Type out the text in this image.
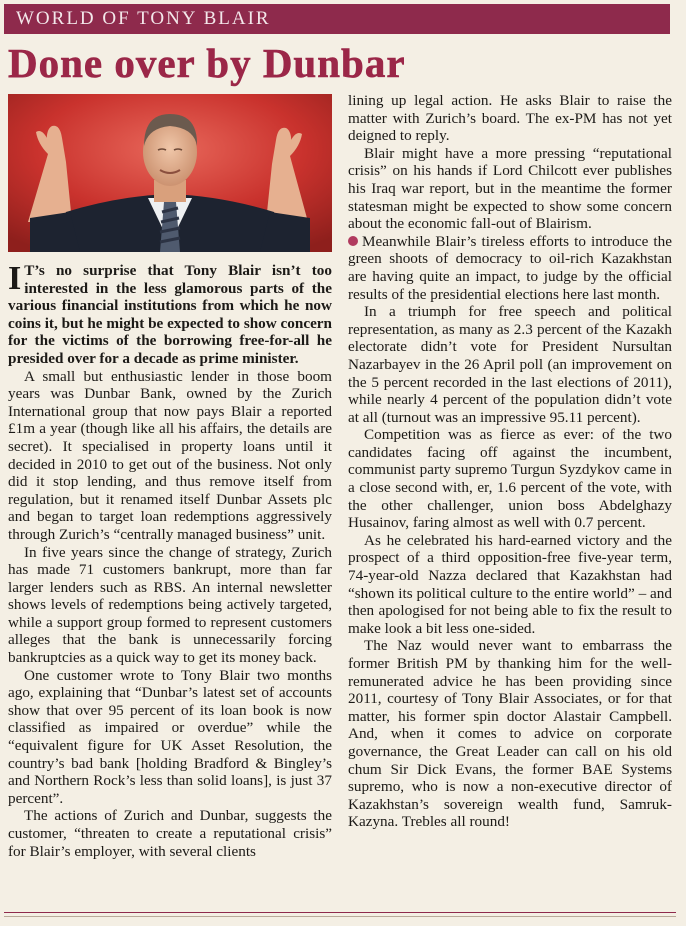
WORLD OF TONY BLAIR
Done over by Dunbar

I T’s no surprise that Tony Blair isn’t too interested in the less glamorous parts of the various financial institutions from which he now coins it, but he might be expected to show concern for the victims of the borrowing free-for-all he presided over for a decade as prime minister.

A small but enthusiastic lender in those boom years was Dunbar Bank, owned by the Zurich International group that now pays Blair a reported £1m a year (though like all his affairs, the details are secret). It specialised in property loans until it decided in 2010 to get out of the business. Not only did it stop lending, and thus remove itself from regulation, but it renamed itself Dunbar Assets plc and began to target loan redemptions aggressively through Zurich’s “centrally managed business” unit.

In five years since the change of strategy, Zurich has made 71 customers bankrupt, more than far larger lenders such as RBS. An internal newsletter shows levels of redemptions being actively targeted, while a support group formed to represent customers alleges that the bank is unnecessarily forcing bankruptcies as a quick way to get its money back.

One customer wrote to Tony Blair two months ago, explaining that “Dunbar’s latest set of accounts show that over 95 percent of its loan book is now classified as impaired or overdue” while the “equivalent figure for UK Asset Resolution, the country’s bad bank [holding Bradford & Bingley’s and Northern Rock’s less than solid loans], is just 37 percent”.

The actions of Zurich and Dunbar, suggests the customer, “threaten to create a reputational crisis” for Blair’s employer, with several clients

lining up legal action. He asks Blair to raise the matter with Zurich’s board. The ex-PM has not yet deigned to reply.

Blair might have a more pressing “reputational crisis” on his hands if Lord Chilcott ever publishes his Iraq war report, but in the meantime the former statesman might be expected to show some concern about the economic fall-out of Blairism.

Meanwhile Blair’s tireless efforts to introduce the green shoots of democracy to oil-rich Kazakhstan are having quite an impact, to judge by the official results of the presidential elections here last month.

In a triumph for free speech and political representation, as many as 2.3 percent of the Kazakh electorate didn’t vote for President Nursultan Nazarbayev in the 26 April poll (an improvement on the 5 percent recorded in the last elections of 2011), while nearly 4 percent of the population didn’t vote at all (turnout was an impressive 95.11 percent).

Competition was as fierce as ever: of the two candidates facing off against the incumbent, communist party supremo Turgun Syzdykov came in a close second with, er, 1.6 percent of the vote, with the other challenger, union boss Abdelghazy Husainov, faring almost as well with 0.7 percent.

As he celebrated his hard-earned victory and the prospect of a third opposition-free five-year term, 74-year-old Nazza declared that Kazakhstan had “shown its political culture to the entire world” – and then apologised for not being able to fix the result to make look a bit less one-sided.

The Naz would never want to embarrass the former British PM by thanking him for the well-remunerated advice he has been providing since 2011, courtesy of Tony Blair Associates, or for that matter, his former spin doctor Alastair Campbell. And, when it comes to advice on corporate governance, the Great Leader can call on his old chum Sir Dick Evans, the former BAE Systems supremo, who is now a non-executive director of Kazakhstan’s sovereign wealth fund, Samruk-Kazyna. Trebles all round!
